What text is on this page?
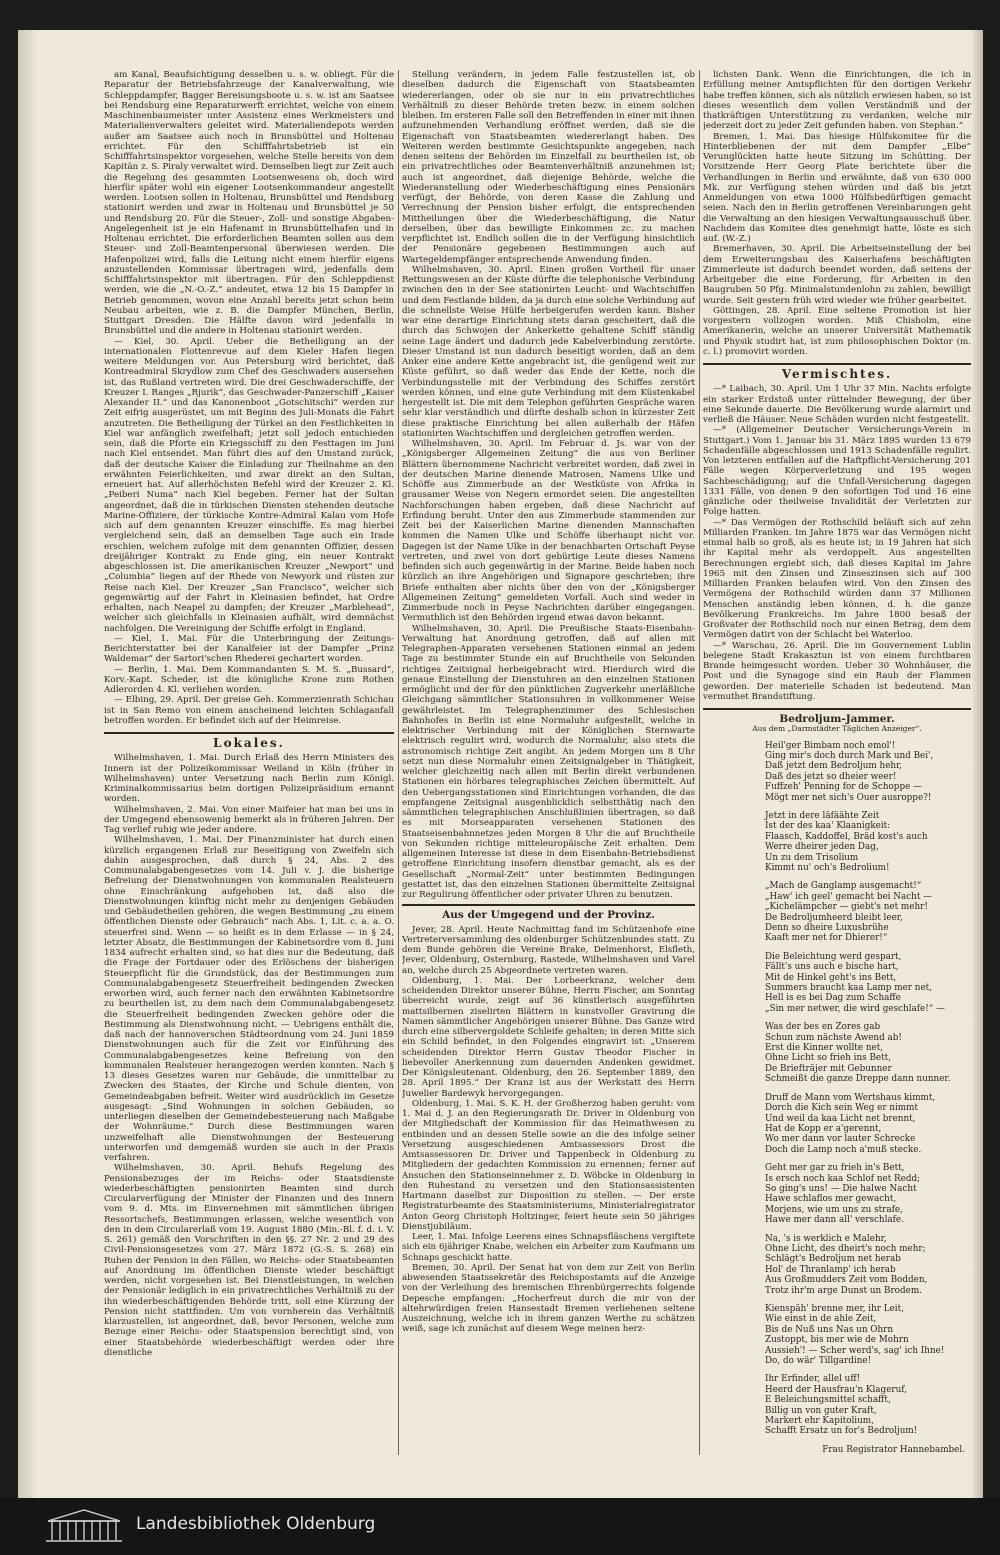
am Kanal, Beaufsichtigung desselben u. s. w. obliegt. Für die Reparatur der Betriebsfahrzeuge der Kanalverwaltung, wie Schleppdampfer, Bagger Bereisungsboote u. s. w. ist am Saatsee bei Rendsburg eine Reparaturwerft errichtet, welche von einem Maschinenbaumeister unter Assistenz eines Werkmeisters und Materialienverwalters geleitet wird. Materialiendepots werden außer am Saatsee auch noch in Brunsbüttel und Holtenau errichtet. Für den Schifffahrtsbetrieb ist ein Schifffahrtsinspektor vorgesehen, welche Stelle bereits von dem Kapitän z. S. Piraly verwaltet wird. Demselben liegt zur Zeit auch die Regelung des gesammten Lootsenwesens ob, doch wird hierfür später wohl ein eigener Lootsenkommandeur angestellt werden. Lootsen sollen in Holtenau, Brunsbüttel und Rendsburg stationirt werden und zwar in Holtenau und Brunsbüttel je 50 und Rendsburg 20. Für die Steuer-, Zoll- und sonstige Abgaben-Angelegenheit ist je ein Hafenamt in Brunsbüttelhafen und in Holtenau errichtet. Die erforderlichen Beamten sollen aus dem Steuer- und Zoll-Beamtenpersonal überwiesen werden. Die Hafenpolizei wird, falls die Leitung nicht einem hierfür eigens anzustellenden Kommissar übertragen wird, jedenfalls dem Schifffahrtsinspektor mit übertragen. Für den Schleppdienst werden, wie die „N.-O.-Z.“ andeutet, etwa 12 bis 15 Dampfer in Betrieb genommen, wovon eine Anzahl bereits jetzt schon beim Neubau arbeiten, wie z. B. die Dampfer München, Berlin, Stuttgart Dresden. Die Hälfte davon wird jedenfalls in Brunsbüttel und die andere in Holtenau stationirt werden.

— Kiel, 30. April. Ueber die Betheiligung an der internationalen Flottenrevue auf dem Kieler Hafen liegen weitere Meldungen vor. Aus Petersburg wird berichtet, daß Kontreadmiral Skrydlow zum Chef des Geschwaders ausersehen ist, das Rußland vertreten wird. Die drei Geschwaderschiffe, der Kreuzer I. Ranges „Rjurik“, das Geschwader-Panzerschiff „Kaiser Alexander II.“ und das Kanonenboot „Gotschitschi“ werden zur Zeit eifrig ausgerüstet, um mit Beginn des Juli-Monats die Fahrt anzutreten. Die Betheiligung der Türkei an den Festlichkeiten in Kiel war anfänglich zweifelhaft; jetzt soll jedoch entschieden sein, daß die Pforte ein Kriegsschiff zu den Festtagen im Juni nach Kiel entsendet. Man führt dies auf den Umstand zurück, daß der deutsche Kaiser die Einladung zur Theilnahme an den erwähnten Feierlichkeiten, und zwar direkt an den Sultan, erneuert hat. Auf allerhöchsten Befehl wird der Kreuzer 2. Kl. „Peiberi Numa“ nach Kiel begeben. Ferner hat der Sultan angeordnet, daß die in türkischen Diensten stehenden deutsche Marine-Offiziere, der türkische Kontre-Admiral Kalau vom Hofe sich auf dem genannten Kreuzer einschiffe. Es mag hierbei vergleichend sein, daß an demselben Tage auch ein Irade erschien, welchem zufolge mit dem genannten Offizier, dessen dreijähriger Kontrakt zu Ende ging, ein neuer Kontrakt abgeschlossen ist. Die amerikanischen Kreuzer „Newport“ und „Columbia“ liegen auf der Rhede von Newyork und rüsten zur Reise nach Kiel. Der Kreuzer „San Francisco“, welcher sich gegenwärtig auf der Fahrt in Kleinasien befindet, hat Ordre erhalten, nach Neapel zu dampfen; der Kreuzer „Marblehead“, welcher sich gleichfalls in Kleinasien aufhält, wird demnächst nachfolgen. Die Vereinigung der Schiffe erfolgt in England.

— Kiel, 1. Mai. Für die Unterbringung der Zeitungs-Berichterstatter bei der Kanalfeier ist der Dampfer „Prinz Waldemar“ der Sartori'schen Rhederei gechartert worden.

— Berlin, 1. Mai. Dem Kommandanten S. M. S. „Bussard“, Korv.-Kapt. Scheder, ist die königliche Krone zum Rothen Adlerorden 4. Kl. verliehen worden.

— Elbing, 29. April. Der greise Geh. Kommerzienrath Schichau ist in San Remo von einem anscheinend leichten Schlaganfall betroffen worden. Er befindet sich auf der Heimreise.

Lokales.

Wilhelmshaven, 1. Mai. Durch Erlaß des Herrn Ministers des Innern ist der Polizeikommissar Weiland in Köln (früher in Wilhelmshaven) unter Versetzung nach Berlin zum Königl. Kriminalkommissarius beim dortigen Polizeipräsidium ernannt worden.

Wilhelmshaven, 2. Mai. Von einer Maifeier hat man bei uns in der Umgegend ebensowenig bemerkt als in früheren Jahren. Der Tag verlief ruhig wie jeder andere.

Wilhelmshaven, 1. Mai. Der Finanzminister hat durch einen kürzlich ergangenen Erlaß zur Beseitigung von Zweifeln sich dahin ausgesprochen, daß durch § 24, Abs. 2 des Communalabgabengesetzes vom 14. Juli v. J. die bisherige Befreiung der Dienstwohnungen von kommunalen Realsteuern ohne Einschränkung aufgehoben ist, daß also die Dienstwohnungen künftig nicht mehr zu denjenigen Gebäuden und Gebäudetheilen gehören, die wegen Bestimmung „zu einem öffentlichen Dienste oder Gebrauch“ nach Abs. 1, Lit. c. a. a. O. steuerfrei sind. Wenn — so heißt es in dem Erlasse — in § 24, letzter Absatz, die Bestimmungen der Kabinetsordre vom 8. Juni 1834 aufrecht erhalten sind, so hat dies nur die Bedeutung, daß die Frage der Fortdauer oder des Erlöschens der bisherigen Steuerpflicht für die Grundstück, das der Bestimmungen zum Communalabgabengesetz Steuerfreiheit bedingenden Zwecken erworben wird, auch ferner nach den erwähnten Kabinetsordre zu beurtheilen ist, zu dem nach dem Communalabgabengesetz die Steuerfreiheit bedingenden Zwecken gehöre oder die Bestimmung als Dienstwohnung nicht. — Uebrigens enthält die, daß nach der hannoverschen Städteordnung vom 24. Juni 1859 Dienstwohnungen auch für die Zeit vor Einführung des Communalabgabengesetzes keine Befreiung von den kommunalen Realsteuer herangezogen werden konnten. Nach § 13 dieses Gesetzes waren nur Gebäude, die unmittelbar zu Zwecken des Staates, der Kirche und Schule dienten, von Gemeindeabgaben befreit. Weiter wird ausdrücklich im Gesetze ausgesagt: „Sind Wohnungen in solchen Gebäuden, so unterliegen dieselben der Gemeindebesteuerung nach Maßgabe der Wohnräume.“ Durch diese Bestimmungen waren unzweifelhaft alle Dienstwohnungen der Besteuerung unterworfen und demgemäß wurden sie auch in der Praxis verfahren.

Wilhelmshaven, 30. April. Behufs Regelung des Pensionsbezuges der im Reichs- oder Staatsdienste wiederbeschäftigten pensionirten Beamten sind durch Circularverfügung der Minister der Finanzen und des Innern vom 9. d. Mts. im Einvernehmen mit sämmtlichen übrigen Ressortschefs, Bestimmungen erlassen, welche wesentlich von den in dem Circularerlaß vom 19. August 1880 (Min.-Bl. f. d. i. V. S. 261) gemäß den Vorschriften in den §§. 27 Nr. 2 und 29 des Civil-Pensionsgesetzes vom 27. März 1872 (G.-S. S. 268) ein Ruhen der Pension in den Fällen, wo Reichs- oder Staatsbeamten auf Anordnung im öffentlichen Dienste wieder beschäftigt werden, nicht vorgesehen ist. Bei Dienstleistungen, in welchen der Pensionär lediglich in ein privatrechtliches Verhältniß zu der ihn wiederbeschäftigenden Behörde tritt, soll eine Kürzung der Pension nicht stattfinden. Um von vornherein das Verhältniß klarzustellen, ist angeordnet, daß, bevor Personen, welche zum Bezuge einer Reichs- oder Staatspension berechtigt sind, von einer Staatsbehörde wiederbeschäftigt werden oder ihre dienstliche

Stellung verändern, in jedem Falle festzustellen ist, ob dieselben dadurch die Eigenschaft von Staatsbeamten wiedererlangen, oder ob sie nur in ein privatrechtliches Verhältniß zu dieser Behörde treten bezw. in einem solchen bleiben. Im ersteren Falle soll den Betreffenden in einer mit ihnen aufzunehmenden Verhandlung eröffnet werden, daß sie die Eigenschaft von Staatsbeamten wiedererlangt haben. Des Weiteren werden bestimmte Gesichtspunkte angegeben, nach denen seitens der Behörden im Einzelfall zu beurtheilen ist, ob ein privatrechtliches oder Beamtenverhältniß anzunehmen ist; auch ist angeordnet, daß diejenige Behörde, welche die Wiederanstellung oder Wiederbeschäftigung eines Pensionärs verfügt, der Behörde, von deren Kasse die Zahlung und Verrechnung der Pension bisher erfolgt, die entsprechenden Mittheilungen über die Wiederbeschäftigung, die Natur derselben, über das bewilligte Einkommen zc. zu machen verpflichtet ist. Endlich sollen die in der Verfügung hinsichtlich der Pensionäre gegebenen Bestimmungen auch auf Wartegeldempfänger entsprechende Anwendung finden.

Wilhelmshaven, 30. April. Einen großen Vortheil für unser Rettungswesen an der Küste dürfte die telephonische Verbindung zwischen den in der See stationirten Leucht- und Wachtschiffen und dem Festlande bilden, da ja durch eine solche Verbindung auf die schnellste Weise Hülfe herbeigerufen werden kann. Bisher war eine derartige Einrichtung stets daran gescheitert, daß die durch das Schwojen der Ankerkette gehaltene Schiff ständig seine Lage ändert und dadurch jede Kabelverbindung zerstörte. Dieser Umstand ist nun dadurch beseitigt worden, daß an dem Anker eine andere Kette angebracht ist, die genügend weit zur Küste geführt, so daß weder das Ende der Kette, noch die Verbindungsstelle mit der Verbindung des Schiffes zerstört werden können, und eine gute Verbindung mit dem Küstenkabel hergestellt ist. Die mit dem Telephon geführten Gespräche waren sehr klar verständlich und dürfte deshalb schon in kürzester Zeit diese praktische Einrichtung bei allen außerhalb der Häfen stationirten Wachtschiffen und dergleichen getroffen werden.

Wilhelmshaven, 30. April. Im Februar d. Js. war von der „Königsberger Allgemeinen Zeitung“ die aus von Berliner Blättern übernommene Nachricht verbreitet worden, daß zwei in der deutschen Marine dienende Matrosen, Namens Ulke und Schöffe aus Zimmerbude an der Westküste von Afrika in grausamer Weise von Negern ermordet seien. Die angestellten Nachforschungen haben ergeben, daß diese Nachricht auf Erfindung beruht. Unter den aus Zimmerbude stammenden zur Zeit bei der Kaiserlichen Marine dienenden Mannschaften kommen die Namen Ulke und Schöffe überhaupt nicht vor. Dagegen ist der Name Ulke in der benachbarten Ortschaft Peyse vertreten, und zwei von dort gebürtige Leute dieses Namens befinden sich auch gegenwärtig in der Marine. Beide haben noch kürzlich an ihre Angehörigen und Signapore geschrieben; ihre Briefe enthalten aber nichts über den von der „Königsberger Allgemeinen Zeitung“ gemeldeten Vorfall. Auch sind weder in Zimmerbude noch in Peyse Nachrichten darüber eingegangen. Vermuthlich ist den Behörden irgend etwas davon bekannt.

Wilhelmshaven, 30. April. Die Preußische Staats-Eisenbahn-Verwaltung hat Anordnung getroffen, daß auf allen mit Telegraphen-Apparaten versehenen Stationen einmal an jedem Tage zu bestimmter Stunde ein auf Bruchtheile von Sekunden richtiges Zeitsignal herbeigebracht wird. Hierdurch wird die genaue Einstellung der Dienstuhren an den einzelnen Stationen ermöglicht und der für den pünktlichen Zugverkehr unerläßliche Gleichgang sämmtlicher Stationsuhren in vollkommener Weise gewährleistet. Im Telegraphenzimmer des Schlesischen Bahnhofes in Berlin ist eine Normaluhr aufgestellt, welche in elektrischer Verbindung mit der Königlichen Sternwarte elektrisch regulirt wird, wodurch die Normaluhr, also stets die astronomisch richtige Zeit angibt. An jedem Morgen um 8 Uhr setzt nun diese Normaluhr einen Zeitsignalgeber in Thätigkeit, welcher gleichzeitig nach allen mit Berlin direkt verbundenen Stationen ein hörbares telegraphisches Zeichen übermittelt. Auf den Uebergangsstationen sind Einrichtungen vorhanden, die das empfangene Zeitsignal ausgenblicklich selbstthätig nach den sämmtlichen telegraphischen Anschlußlinien übertragen, so daß es mit Morseapparaten versehenen Stationen des Staatseisenbahnnetzes jeden Morgen 8 Uhr die auf Bruchtheile von Sekunden richtige mitteleuropäische Zeit erhalten. Dem allgemeinen Interesse ist diese in dem Eisenbahn-Betriebsdienst getroffene Einrichtung insofern dienstbar gemacht, als es der Gesellschaft „Normal-Zeit“ unter bestimmten Bedingungen gestattet ist, das den einzelnen Stationen übermittelte Zeitsignal zur Regulirung öffentlicher oder privater Uhren zu benutzen.

Aus der Umgegend und der Provinz.

Jever, 28. April. Heute Nachmittag fand im Schützenhofe eine Vertreterversammlung des oldenburger Schützenbundes statt. Zu dem Bunde gehören die Vereine Brake, Delmenhorst, Elsfleth, Jever, Oldenburg, Osternburg, Rastede, Wilhelmshaven und Varel an, welche durch 25 Abgeordnete vertreten waren.

Oldenburg, 1. Mai. Der Lorbeerkranz, welcher dem scheidenden Direktor unserer Bühne, Herrn Fischer, am Sonntag überreicht wurde, zeigt auf 36 künstlerisch ausgeführten mattsilbernen ziselirten Blättern in kunstvoller Gravirung die Namen sämmtlicher Angehörigen unserer Bühne. Das Ganze wird durch eine silbervergoldete Schleife gehalten; in deren Mitte sich ein Schild befindet, in den Folgendes eingravirt ist: „Unserem scheidenden Direktor Herrn Gustav Theodor Fischer in liebevoller Anerkennung zum dauernden Andenken gewidmet. Der Königsleutenant. Oldenburg, den 26. September 1889, den 28. April 1895.“ Der Kranz ist aus der Werkstatt des Herrn Juwelier Bardewyk hervorgegangen.

Oldenburg, 1. Mai. S. K. H. der Großherzog haben geruht: vom 1. Mai d. J. an den Regierungsrath Dr. Driver in Oldenburg von der Mitgliedschaft der Kommission für das Heimathwesen zu entbinden und an dessen Stelle sowie an die des infolge seiner Versetzung ausgeschiedenen Amtsassessors Drost die Amtsassessoren Dr. Driver und Tappenbeck in Oldenburg zu Mitgliedern der gedachten Kommission zu ernennen; ferner auf Ansuchen den Stationseinnehmer z. D. Wöbcke in Oldenburg in den Ruhestand zu versetzen und den Stationsassistenten Hartmann daselbst zur Disposition zu stellen. — Der erste Registraturbeamte des Staatsministeriums, Ministerialregistrator Anton Georg Christoph Holtzinger, feiert heute sein 50 jähriges Dienstjubiläum.

Leer, 1. Mai. Infolge Leerens eines Schnapsfläschens vergiftete sich ein 6jähriger Knabe, welchen ein Arbeiter zum Kaufmann um Schnaps geschickt hatte.

Bremen, 30. April. Der Senat hat von dem zur Zeit von Berlin abwesenden Staatssekretär des Reichspostamts auf die Anzeige von der Verleihung des bremischen Ehrenbürgerrechts folgende Depesche empfangen: „Hocherfreut durch die mir von der altehrwürdigen freien Hansestadt Bremen verliehenen seltene Auszeichnung, welche ich in ihrem ganzen Werthe zu schätzen weiß, sage ich zunächst auf diesem Wege meinen herz-

lichsten Dank. Wenn die Einrichtungen, die ich in Erfüllung meiner Amtspflichten für den dortigen Verkehr habe treffen können, sich als nützlich erwiesen haben, so ist dieses wesentlich dem vollen Verständniß und der thatkräftigen Unterstützung zu verdanken, welche mir jederzeit dort zu jeder Zeit gefunden haben. von Stephan.“

Bremen, 1. Mai. Das hiesige Hülfskomitee für die Hinterbliebenen der mit dem Dampfer „Elbe“ Verunglückten hatte heute Sitzung im Schütting. Der Vorsitzende Herr Georg Plate berichtete über die Verhandlungen in Berlin und erwähnte, daß von 630 000 Mk. zur Verfügung stehen würden und daß bis jetzt Anmeldungen von etwa 1000 Hülfsbedürftigen gemacht seien. Nach den in Berlin getroffenen Vereinbarungen geht die Verwaltung an den hiesigen Verwaltungsausschuß über. Nachdem das Komitee dies genehmigt hatte, löste es sich auf. (W.-Z.)

Bremerhaven, 30. April. Die Arbeitseinstellung der bei dem Erweiterungsbau des Kaiserhafens beschäftigten Zimmerleute ist dadurch beendet worden, daß seitens der Arbeitgeber die eine Forderung, für Arbeiten in den Baugruben 50 Pfg. Minimalstundenlohn zu zahlen, bewilligt wurde. Seit gestern früh wird wieder wie früher gearbeitet.

Göttingen, 28. April. Eine seltene Promotion ist hier vorgestern vollzogen worden. Miß Chisholm, eine Amerikanerin, welche an unserer Universität Mathematik und Physik studirt hat, ist zum philosophischen Doktor (m. c. l.) promovirt worden.

Vermischtes.

—* Laibach, 30. April. Um 1 Uhr 37 Min. Nachts erfolgte ein starker Erdstoß unter rüttelnder Bewegung, der über eine Sekunde dauerte. Die Bevölkerung wurde alarmirt und verließ die Häuser. Neue Schäden wurden nicht festgestellt.

—* (Allgemeiner Deutscher Versicherungs-Verein in Stuttgart.) Vom 1. Januar bis 31. März 1895 wurden 13 679 Schadenfälle abgeschlossen und 1913 Schadenfälle regulirt. Von letzteren entfallen auf die Haftpflicht-Versicherung 201 Fälle wegen Körperverletzung und 195 wegen Sachbeschädigung; auf die Unfall-Versicherung dagegen 1331 Fälle, von denen 9 den sofortigen Tod und 16 eine gänzliche oder theilweise Invalidität der Verletzten zur Folge hatten.

—* Das Vermögen der Rothschild beläuft sich auf zehn Milliarden Franken. Im Jahre 1875 war das Vermögen nicht einmal halb so groß, als es heute ist; in 19 Jahren hat sich ihr Kapital mehr als verdoppelt. Aus angestellten Berechnungen ergiebt sich, daß dieses Kapital im Jahre 1965 mit den Zinsen und Zinseszinsen sich auf 300 Milliarden Franken belaufen wird. Von den Zinsen des Vermögens der Rothschild würden dann 37 Millionen Menschen anständig leben können, d. h. die ganze Bevölkerung Frankreichs. Im Jahre 1800 besaß der Großvater der Rothschild noch nur einen Betrag, dem dem Vermögen datirt von der Schlacht bei Waterloo.

—* Warschau, 26. April. Die im Gouvernement Lublin belegene Stadt Krakasztun ist von einem furchtbaren Brande heimgesucht worden. Ueber 30 Wohnhäuser, die Post und die Synagoge sind ein Raub der Flammen geworden. Der materielle Schaden ist bedeutend. Man vermuthet Brandstiftung.

Bedroljum-Jammer.
Aus dem „Darmstädter Täglichen Anzeiger“.
Heil'ger Bimbam noch emol'!
Ging mir's doch durch Mark und Bei',
Daß jetzt dem Bedroljum hehr,
Daß des jetzt so dheier weer!
Fuffzeh' Penning for de Schoppe —
Mögt mer net sich's Ouer ausroppe?!
Jetzt in dere läfäähte Zeit
Ist der des kaa' Klaanigkeit:
Flaasch, Kaddoffel, Bräd kost's auch
Werre dheirer jeden Dag,
Un zu dem Trisolium
Kimmt nu' och's Bedrolium!
„Mach de Ganglamp ausgemacht!“
„Haw' ich geel' gemacht bei Nacht —
„Kichelämpcher — giebt's net mehr!
De Bedroljumheerd bleibt leer,
Denn so dheire Luxusbrühe
Kaaft mer net for Dhierer!“
Die Beleichtung werd gespart,
Fällt's uns auch e bische hart,
Mit de Hinkel geht's ins Bett,
Summers braucht kaa Lamp mer net,
Hell is es bei Dag zum Schaffe
„Sin mer netwer, die wird geschlafe!“ —
Was der bes en Zores gab
Schun zum nächste Awend ab!
Erst die Kinner wollte net,
Ohne Licht so frieh ins Bett,
De Briefträjer mit Gebunner
Schmeißt die ganze Dreppe dann nunner.
Druff de Mann vom Wertshaus kimmt,
Dorch die Kich sein Weg er nimmt
Und weil da kaa Licht net brennt,
Hat de Kopp er a'gerennt,
Wo mer dann vor lauter Schrecke
Doch die Lamp noch a'muß stecke.
Geht mer gar zu frieh in's Bett,
Is ersch noch kaa Schlof net Redd;
So ging's uns! — Die halwe Nacht
Hawe schlaflos mer gewacht,
Morjens, wie um uns zu strafe,
Hawe mer dann all' verschlafe.
Na, 's is werklich e Malehr,
Ohne Licht, des dheirt's noch mehr;
Schlägt's Bedroljum net herab
Hol' de Thranlamp' ich herab
Aus Großmudders Zeit vom Bodden,
Trotz ihr'm arge Dunst un Brodem.
Kienspäh' brenne mer, ihr Leit,
Wie einst in de ahle Zeit,
Bis de Nuß uns Nas un Ohrn
Zustoppt, bis mer wie de Mohrn
Aussieh'! — Scher werd's, sag' ich Ihne!
Do, do wär' Tillgardine!
Ihr Erfinder, allel uff!
Heerd der Hausfrau'n Klageruf,
E Beleichungsmittel schafft,
Billig un von guter Kraft,
Markert ehr Kapitolium,
Schafft Ersatz un for's Bedroljum!
Frau Registrator Hannebambel.
Landesbibliothek Oldenburg
